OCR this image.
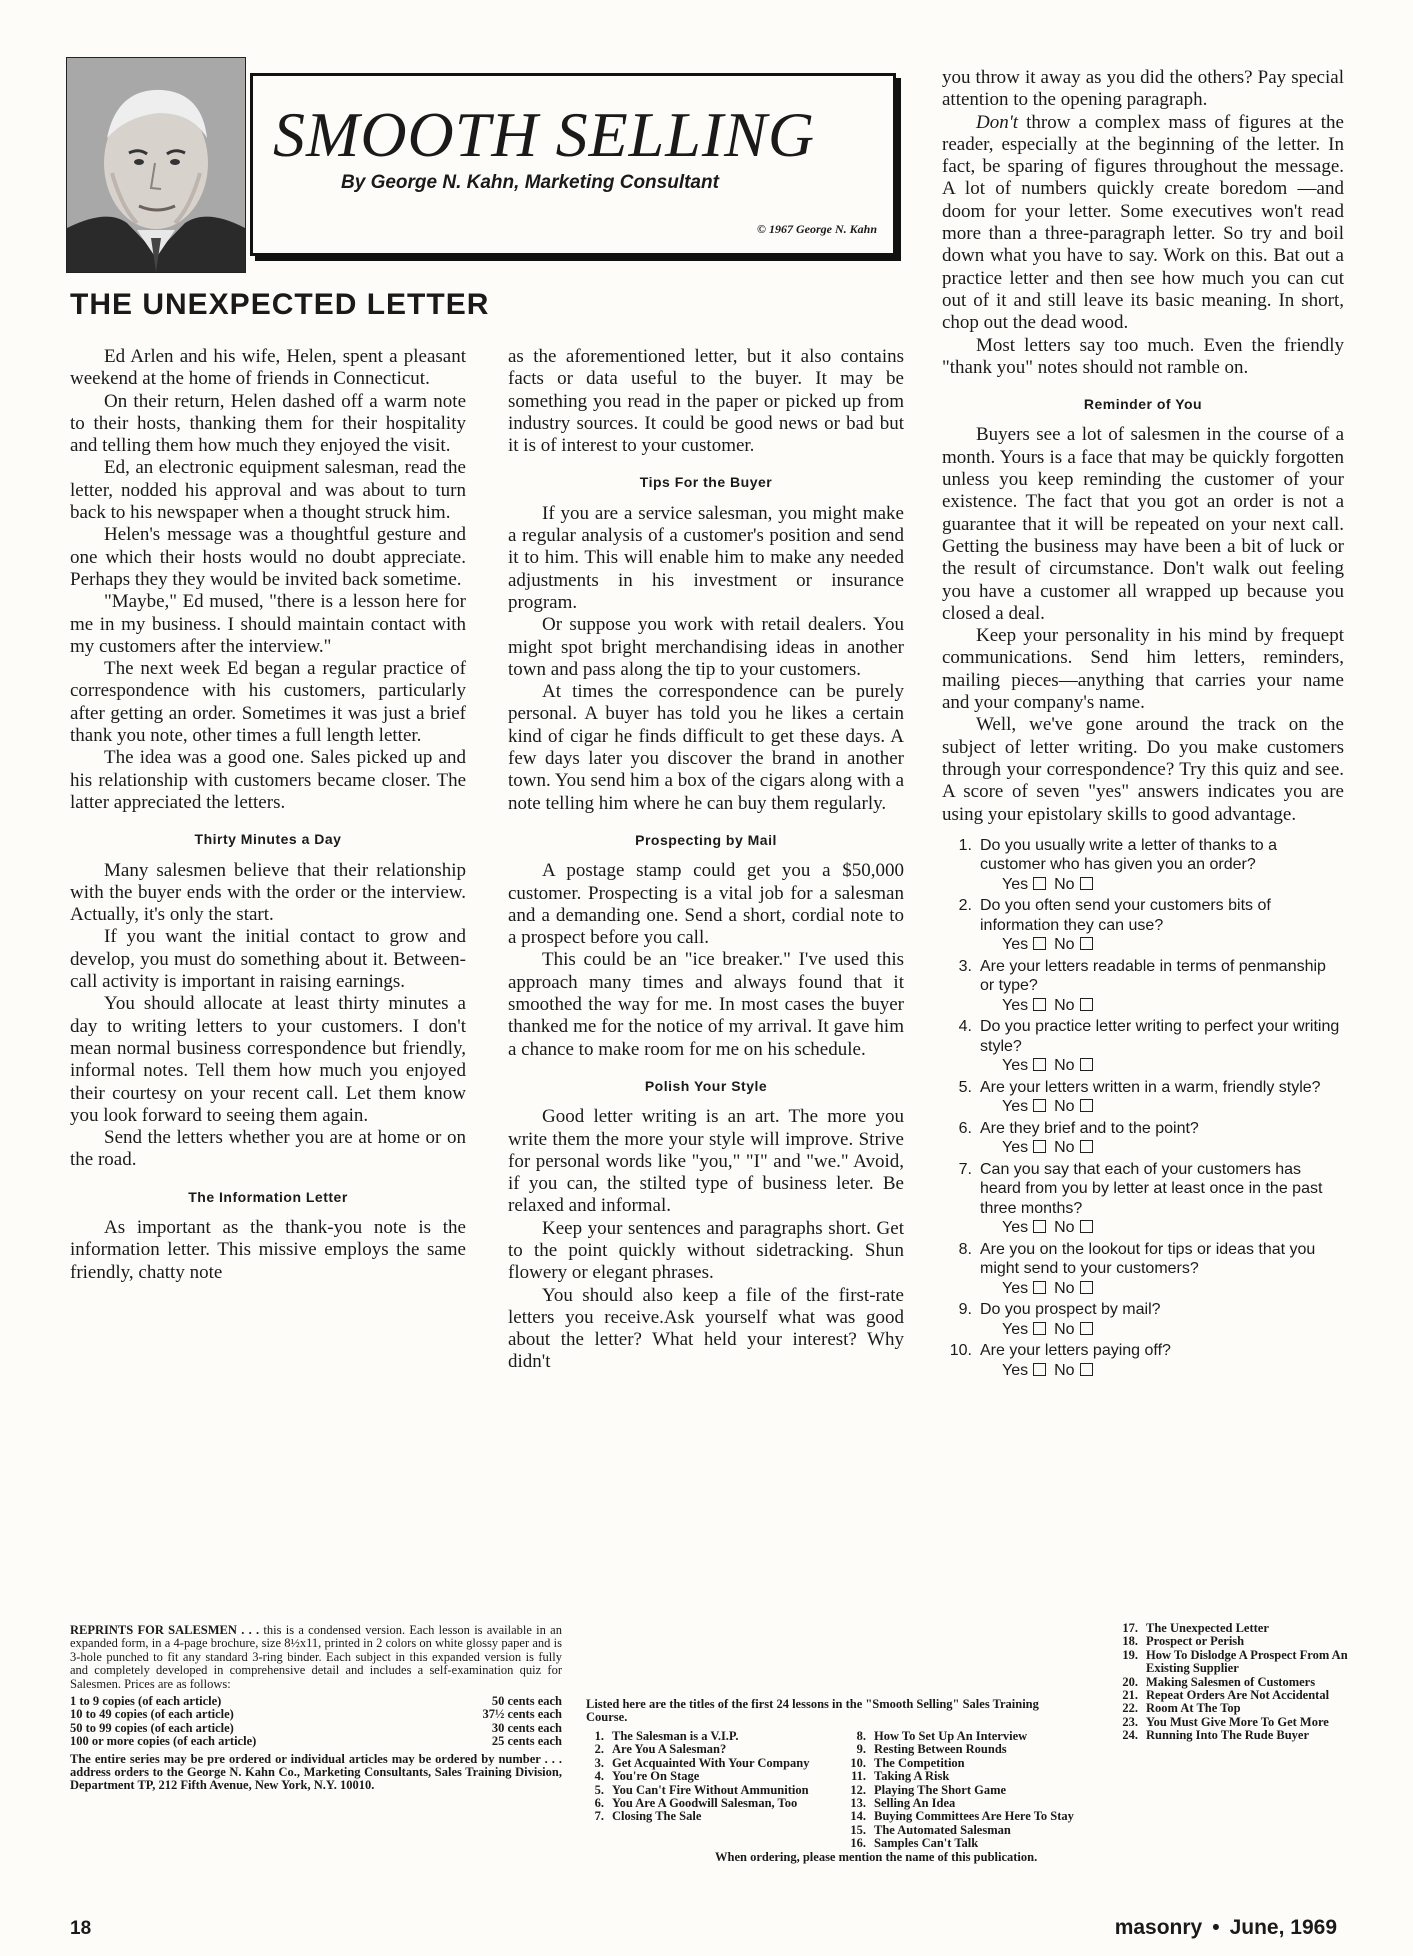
SMOOTH SELLING
By George N. Kahn, Marketing Consultant
© 1967 George N. Kahn
THE UNEXPECTED LETTER

Ed Arlen and his wife, Helen, spent a pleasant weekend at the home of friends in Connecticut.

On their return, Helen dashed off a warm note to their hosts, thanking them for their hospitality and telling them how much they enjoyed the visit.

Ed, an electronic equipment salesman, read the letter, nodded his approval and was about to turn back to his newspaper when a thought struck him.

Helen's message was a thoughtful gesture and one which their hosts would no doubt appreciate. Perhaps they they would be invited back sometime.

"Maybe," Ed mused, "there is a lesson here for me in my business. I should maintain contact with my customers after the interview."

The next week Ed began a regular practice of correspondence with his customers, particularly after getting an order. Sometimes it was just a brief thank you note, other times a full length letter.

The idea was a good one. Sales picked up and his relationship with customers became closer. The latter appreciated the letters.

Thirty Minutes a Day

Many salesmen believe that their relationship with the buyer ends with the order or the interview. Actually, it's only the start.

If you want the initial contact to grow and develop, you must do something about it. Between-call activity is important in raising earnings.

You should allocate at least thirty minutes a day to writing letters to your customers. I don't mean normal business correspondence but friendly, informal notes. Tell them how much you enjoyed their courtesy on your recent call. Let them know you look forward to seeing them again.

Send the letters whether you are at home or on the road.

The Information Letter

As important as the thank-you note is the information letter. This missive employs the same friendly, chatty note

as the aforementioned letter, but it also contains facts or data useful to the buyer. It may be something you read in the paper or picked up from industry sources. It could be good news or bad but it is of interest to your customer.

Tips For the Buyer

If you are a service salesman, you might make a regular analysis of a customer's position and send it to him. This will enable him to make any needed adjustments in his investment or insurance program.

Or suppose you work with retail dealers. You might spot bright merchandising ideas in another town and pass along the tip to your customers.

At times the correspondence can be purely personal. A buyer has told you he likes a certain kind of cigar he finds difficult to get these days. A few days later you discover the brand in another town. You send him a box of the cigars along with a note telling him where he can buy them regularly.

Prospecting by Mail

A postage stamp could get you a $50,000 customer. Prospecting is a vital job for a salesman and a demanding one. Send a short, cordial note to a prospect before you call.

This could be an "ice breaker." I've used this approach many times and always found that it smoothed the way for me. In most cases the buyer thanked me for the notice of my arrival. It gave him a chance to make room for me on his schedule.

Polish Your Style

Good letter writing is an art. The more you write them the more your style will improve. Strive for personal words like "you," "I" and "we." Avoid, if you can, the stilted type of business leter. Be relaxed and informal.

Keep your sentences and paragraphs short. Get to the point quickly without sidetracking. Shun flowery or elegant phrases.

You should also keep a file of the first-rate letters you receive.Ask yourself what was good about the letter? What held your interest? Why didn't

you throw it away as you did the others? Pay special attention to the opening paragraph.

Don't throw a complex mass of figures at the reader, especially at the beginning of the letter. In fact, be sparing of figures throughout the message. A lot of numbers quickly create boredom —and doom for your letter. Some executives won't read more than a three-paragraph letter. So try and boil down what you have to say. Work on this. Bat out a practice letter and then see how much you can cut out of it and still leave its basic meaning. In short, chop out the dead wood.

Most letters say too much. Even the friendly "thank you" notes should not ramble on.

Reminder of You

Buyers see a lot of salesmen in the course of a month. Yours is a face that may be quickly forgotten unless you keep reminding the customer of your existence. The fact that you got an order is not a guarantee that it will be repeated on your next call. Getting the business may have been a bit of luck or the result of circumstance. Don't walk out feeling you have a customer all wrapped up because you closed a deal.

Keep your personality in his mind by frequept communications. Send him letters, reminders, mailing pieces—anything that carries your name and your company's name.

Well, we've gone around the track on the subject of letter writing. Do you make customers through your correspondence? Try this quiz and see. A score of seven "yes" answers indicates you are using your epistolary skills to good advantage.

1. Do you usually write a letter of thanks to a customer who has given you an order?
Yes No
2. Do you often send your customers bits of information they can use?
Yes No
3. Are your letters readable in terms of penmanship or type?
Yes No
4. Do you practice letter writing to perfect your writing style?
Yes No
5. Are your letters written in a warm, friendly style?
Yes No
6. Are they brief and to the point?
Yes No
7. Can you say that each of your customers has heard from you by letter at least once in the past three months?
Yes No
8. Are you on the lookout for tips or ideas that you might send to your customers?
Yes No
9. Do you prospect by mail?
Yes No
10. Are your letters paying off?
Yes No

REPRINTS FOR SALESMEN . . . this is a condensed version. Each lesson is available in an expanded form, in a 4-page brochure, size 8½x11, printed in 2 colors on white glossy paper and is 3-hole punched to fit any standard 3-ring binder. Each subject in this expanded version is fully and completely developed in comprehensive detail and includes a self-examination quiz for Salesmen. Prices are as follows:

1 to 9 copies (of each article)	50 cents each
10 to 49 copies (of each article)	37½ cents each
50 to 99 copies (of each article)	30 cents each
100 or more copies (of each article)	25 cents each

The entire series may be pre ordered or individual articles may be ordered by number . . . address orders to the George N. Kahn Co., Marketing Consultants, Sales Training Division, Department TP, 212 Fifth Avenue, New York, N.Y. 10010.

Listed here are the titles of the first 24 lessons in the "Smooth Selling" Sales Training Course.

1. The Salesman is a V.I.P.
2. Are You A Salesman?
3. Get Acquainted With Your Company
4. You're On Stage
5. You Can't Fire Without Ammunition
6. You Are A Goodwill Salesman, Too
7. Closing The Sale
8. How To Set Up An Interview
9. Resting Between Rounds
10. The Competition
11. Taking A Risk
12. Playing The Short Game
13. Selling An Idea
14. Buying Committees Are Here To Stay
15. The Automated Salesman
16. Samples Can't Talk
17. The Unexpected Letter
18. Prospect or Perish
19. How To Dislodge A Prospect From An Existing Supplier
20. Making Salesmen of Customers
21. Repeat Orders Are Not Accidental
22. Room At The Top
23. You Must Give More To Get More
24. Running Into The Rude Buyer
When ordering, please mention the name of this publication.
18	masonry • June, 1969
